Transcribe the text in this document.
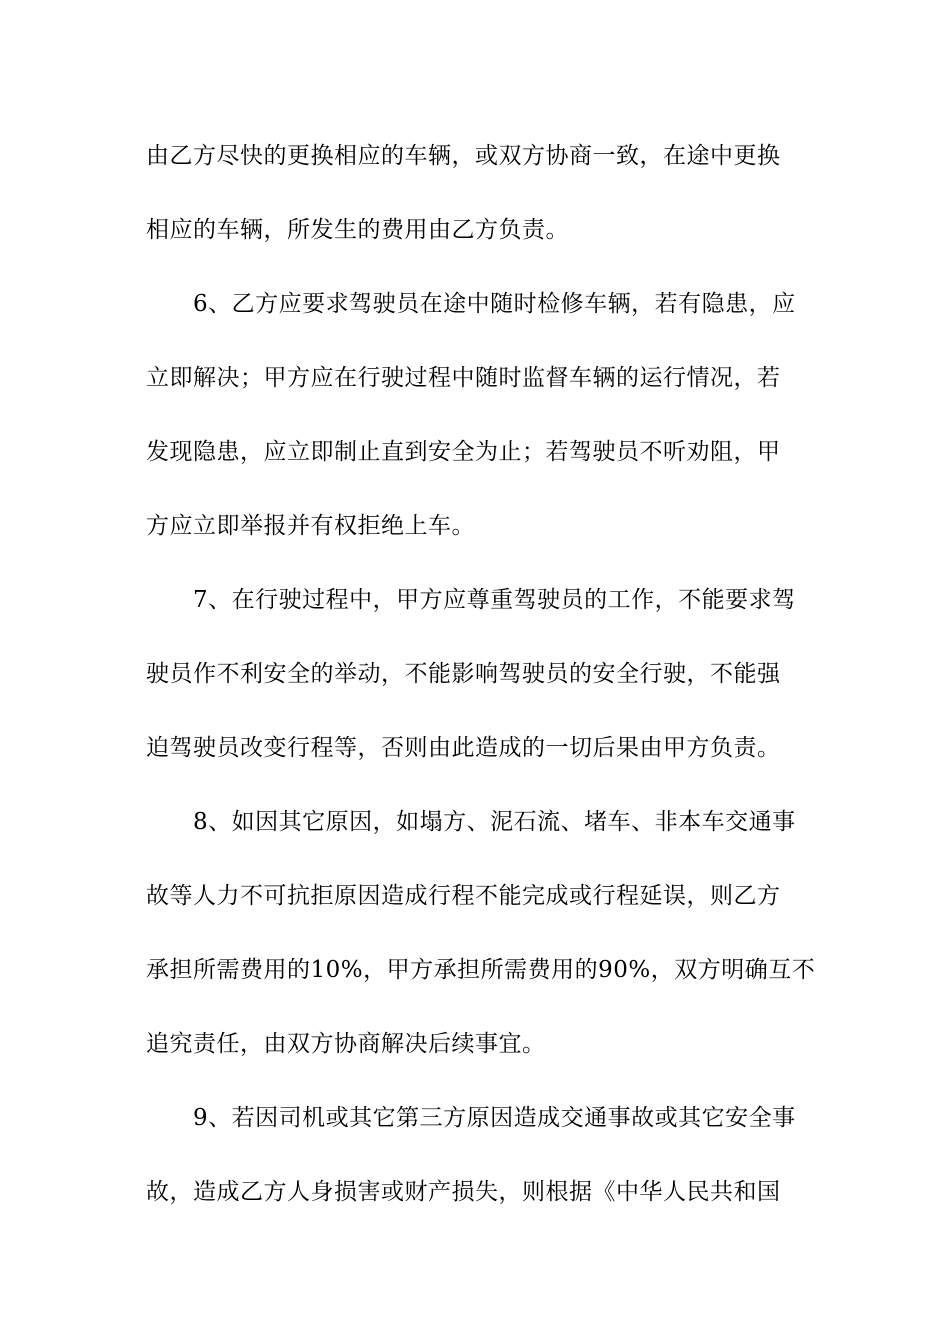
由乙方尽快的更换相应的车辆，或双方协商一致，在途中更换
相应的车辆，所发生的费用由乙方负责。
　　6、乙方应要求驾驶员在途中随时检修车辆，若有隐患，应
立即解决；甲方应在行驶过程中随时监督车辆的运行情况，若
发现隐患，应立即制止直到安全为止；若驾驶员不听劝阻，甲
方应立即举报并有权拒绝上车。
　　7、在行驶过程中，甲方应尊重驾驶员的工作，不能要求驾
驶员作不利安全的举动，不能影响驾驶员的安全行驶，不能强
迫驾驶员改变行程等，否则由此造成的一切后果由甲方负责。
　　8、如因其它原因，如塌方、泥石流、堵车、非本车交通事
故等人力不可抗拒原因造成行程不能完成或行程延误，则乙方
承担所需费用的10%，甲方承担所需费用的90%，双方明确互不
追究责任，由双方协商解决后续事宜。
　　9、若因司机或其它第三方原因造成交通事故或其它安全事
故，造成乙方人身损害或财产损失，则根据《中华人民共和国
